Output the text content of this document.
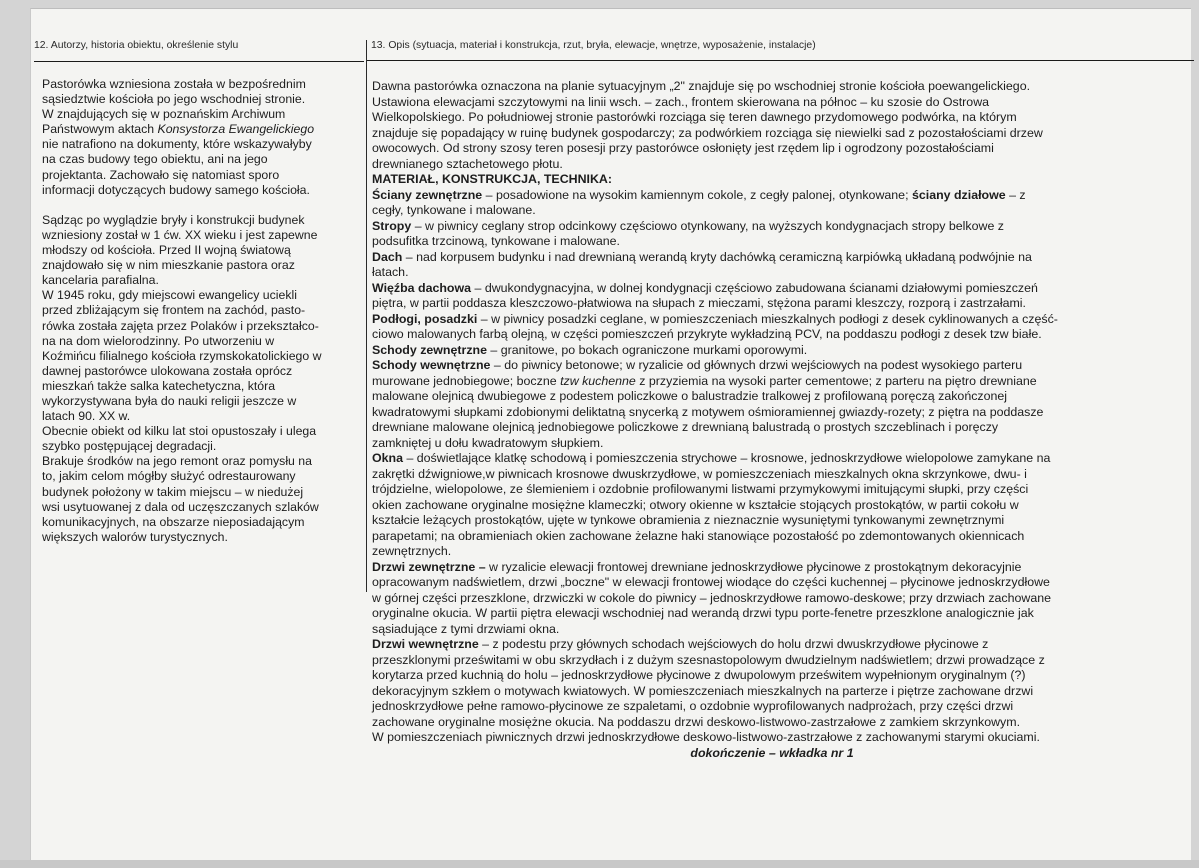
12. Autorzy, historia obiektu, określenie stylu	13. Opis (sytuacja, materiał i konstrukcja, rzut, bryła, elewacje, wnętrze, wyposażenie, instalacje)

Pastorówka wzniesiona została w bezpośrednim

sąsiedztwie kościoła po jego wschodniej stronie.

W znajdujących się w poznańskim Archiwum

Państwowym aktach Konsystorza Ewangelickiego

nie natrafiono na dokumenty, które wskazywałyby

na czas budowy tego obiektu, ani na jego

projektanta. Zachowało się natomiast sporo

informacji dotyczących budowy samego kościoła.

Sądząc po wyglądzie bryły i konstrukcji budynek

wzniesiony został w 1 ćw. XX wieku i jest zapewne

młodszy od kościoła. Przed II wojną światową

znajdowało się w nim mieszkanie pastora oraz

kancelaria parafialna.

W 1945 roku, gdy miejscowi ewangelicy uciekli

przed zbliżającym się frontem na zachód, pasto-

rówka została zajęta przez Polaków i przekształco-

na na dom wielorodzinny. Po utworzeniu w

Koźmińcu filialnego kościoła rzymskokatolickiego w

dawnej pastorówce ulokowana została oprócz

mieszkań także salka katechetyczna, która

wykorzystywana była do nauki religii jeszcze w

latach 90. XX w.

Obecnie obiekt od kilku lat stoi opustoszały i ulega

szybko postępującej degradacji.

Brakuje środków na jego remont oraz pomysłu na

to, jakim celom mógłby służyć odrestaurowany

budynek położony w takim miejscu – w niedużej

wsi usytuowanej z dala od uczęszczanych szlaków

komunikacyjnych, na obszarze nieposiadającym

większych walorów turystycznych.

Dawna pastorówka oznaczona na planie sytuacyjnym „2" znajduje się po wschodniej stronie kościoła poewangelickiego.

Ustawiona elewacjami szczytowymi na linii wsch. – zach., frontem skierowana na północ – ku szosie do Ostrowa

Wielkopolskiego. Po południowej stronie pastorówki rozciąga się teren dawnego przydomowego podwórka, na którym

znajduje się popadający w ruinę budynek gospodarczy; za podwórkiem rozciąga się niewielki sad z pozostałościami drzew

owocowych. Od strony szosy teren posesji przy pastorówce osłonięty jest rzędem lip i ogrodzony pozostałościami

drewnianego sztachetowego płotu.

MATERIAŁ, KONSTRUKCJA, TECHNIKA:

Ściany zewnętrzne – posadowione na wysokim kamiennym cokole, z cegły palonej, otynkowane; ściany działowe – z

cegły, tynkowane i malowane.

Stropy – w piwnicy ceglany strop odcinkowy częściowo otynkowany, na wyższych kondygnacjach stropy belkowe z

podsufitka trzcinową, tynkowane i malowane.

Dach – nad korpusem budynku i nad drewnianą werandą kryty dachówką ceramiczną karpiówką układaną podwójnie na

łatach.

Więźba dachowa – dwukondygnacyjna, w dolnej kondygnacji częściowo zabudowana ścianami działowymi pomieszczeń

piętra, w partii poddasza kleszczowo-płatwiowa na słupach z mieczami, stężona parami kleszczy, rozporą i zastrzałami.

Podłogi, posadzki – w piwnicy posadzki ceglane, w pomieszczeniach mieszkalnych podłogi z desek cyklinowanych a część-

ciowo malowanych farbą olejną, w części pomieszczeń przykryte wykładziną PCV, na poddaszu podłogi z desek tzw białe.

Schody zewnętrzne – granitowe, po bokach ograniczone murkami oporowymi.

Schody wewnętrzne – do piwnicy betonowe; w ryzalicie od głównych drzwi wejściowych na podest wysokiego parteru

murowane jednobiegowe; boczne tzw kuchenne z przyziemia na wysoki parter cementowe; z parteru na piętro drewniane

malowane olejnicą dwubiegowe z podestem policzkowe o balustradzie tralkowej z profilowaną poręczą zakończonej

kwadratowymi słupkami zdobionymi deliktatną snycerką z motywem ośmioramiennej gwiazdy-rozety; z piętra na poddasze

drewniane malowane olejnicą jednobiegowe policzkowe z drewnianą balustradą o prostych szczeblinach i poręczy

zamkniętej u dołu kwadratowym słupkiem.

Okna – doświetlające klatkę schodową i pomieszczenia strychowe – krosnowe, jednoskrzydłowe wielopolowe zamykane na

zakrętki dźwigniowe,w piwnicach krosnowe dwuskrzydłowe, w pomieszczeniach mieszkalnych okna skrzynkowe, dwu- i

trójdzielne, wielopolowe, ze ślemieniem i ozdobnie profilowanymi listwami przymykowymi imitującymi słupki, przy części

okien zachowane oryginalne mosiężne klameczki; otwory okienne w kształcie stojących prostokątów, w partii cokołu w

kształcie leżących prostokątów, ujęte w tynkowe obramienia z nieznacznie wysuniętymi tynkowanymi zewnętrznymi

parapetami; na obramieniach okien zachowane żelazne haki stanowiące pozostałość po zdemontowanych okiennicach

zewnętrznych.

Drzwi zewnętrzne – w ryzalicie elewacji frontowej drewniane jednoskrzydłowe płycinowe z prostokątnym dekoracyjnie

opracowanym nadświetlem, drzwi „boczne" w elewacji frontowej wiodące do części kuchennej – płycinowe jednoskrzydłowe

w górnej części przeszklone, drzwiczki w cokole do piwnicy – jednoskrzydłowe ramowo-deskowe; przy drzwiach zachowane

oryginalne okucia. W partii piętra elewacji wschodniej nad werandą drzwi typu porte-fenetre przeszklone analogicznie jak

sąsiadujące z tymi drzwiami okna.

Drzwi wewnętrzne – z podestu przy głównych schodach wejściowych do holu drzwi dwuskrzydłowe płycinowe z

przeszklonymi prześwitami w obu skrzydłach i z dużym szesnastopolowym dwudzielnym nadświetlem; drzwi prowadzące z

korytarza przed kuchnią do holu – jednoskrzydłowe płycinowe z dwupolowym prześwitem wypełnionym oryginalnym (?)

dekoracyjnym szkłem o motywach kwiatowych. W pomieszczeniach mieszkalnych na parterze i piętrze zachowane drzwi

jednoskrzydłowe pełne ramowo-płycinowe ze szpaletami, o ozdobnie wyprofilowanych nadprożach, przy części drzwi

zachowane oryginalne mosiężne okucia. Na poddaszu drzwi deskowo-listwowo-zastrzałowe z zamkiem skrzynkowym.

W pomieszczeniach piwnicznych drzwi jednoskrzydłowe deskowo-listwowo-zastrzałowe z zachowanymi starymi okuciami.

dokończenie – wkładka nr 1
